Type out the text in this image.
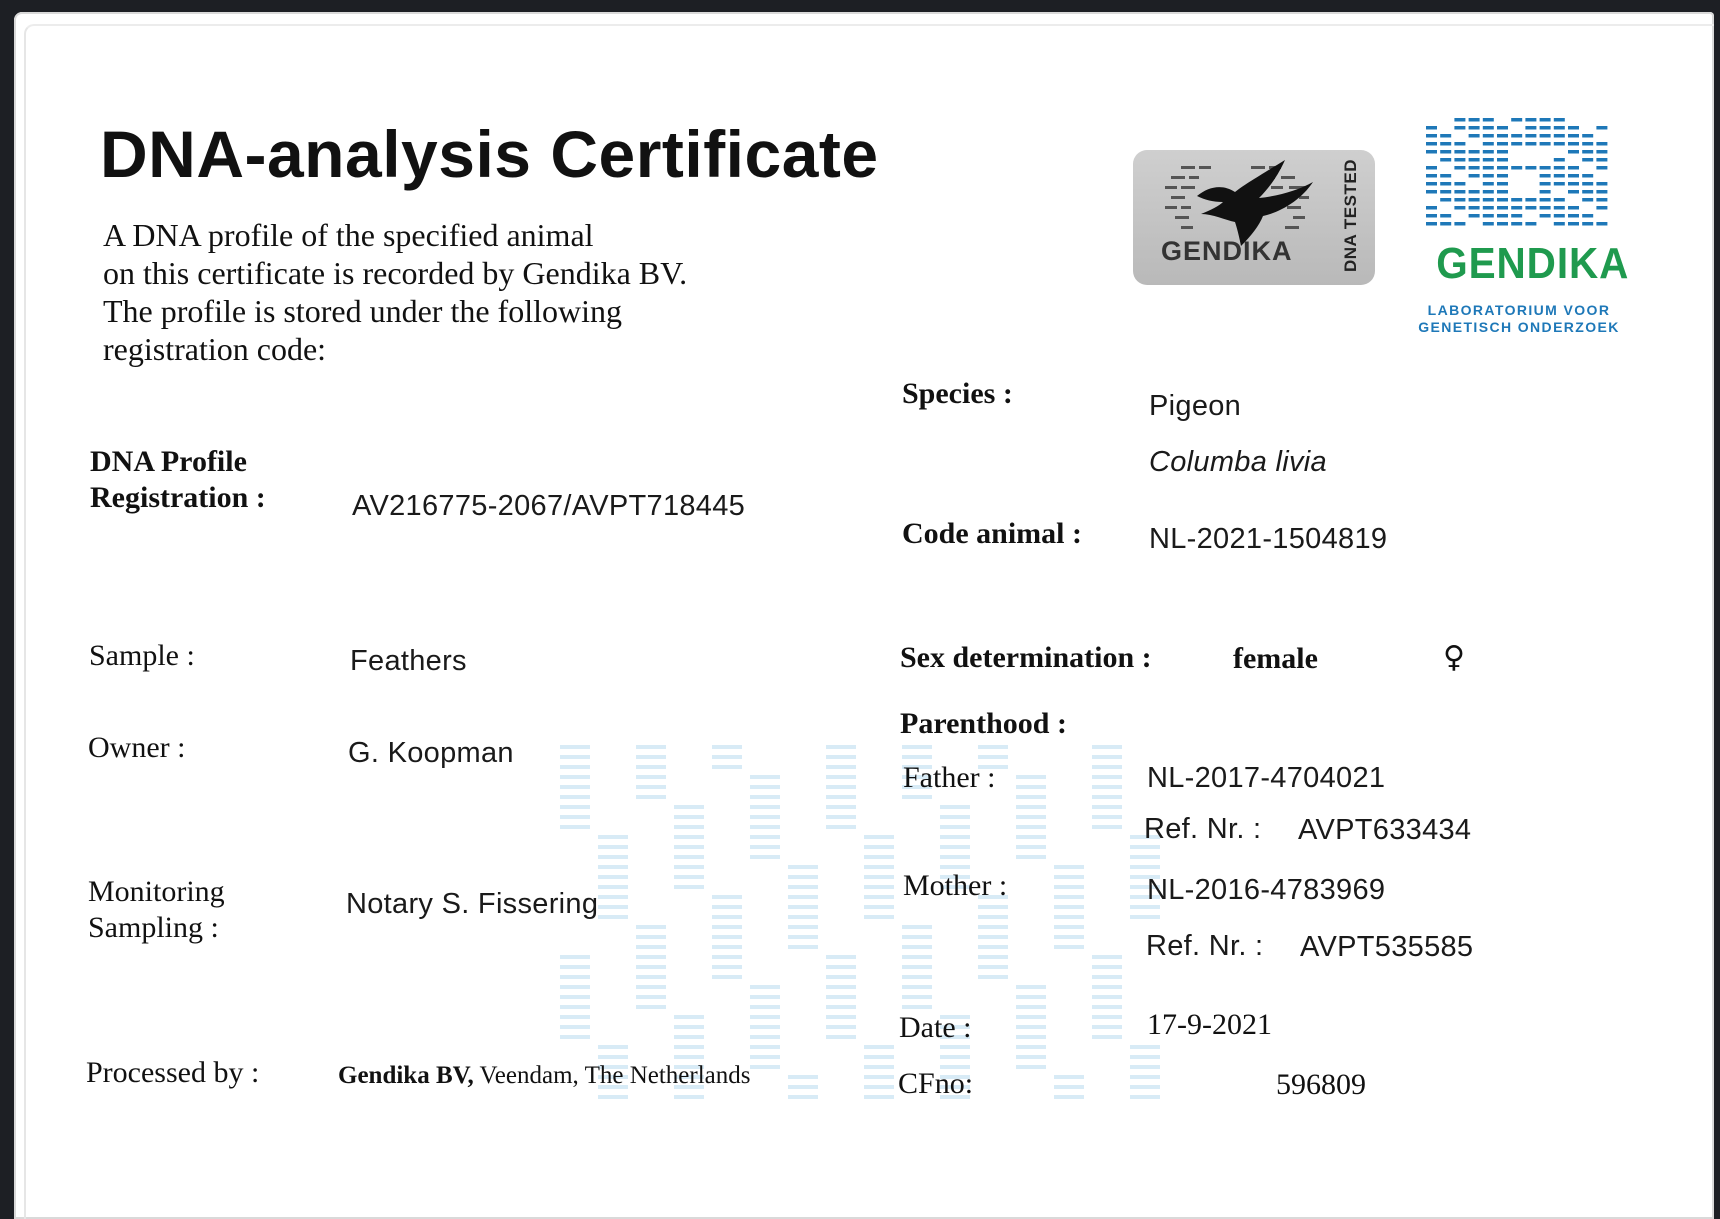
DNA-analysis Certificate
A DNA profile of the specified animal
on this certificate is recorded by Gendika BV.
The profile is stored under the following
registration code:
GENDIKA	DNA TESTED GENDIKA
LABORATORIUM VOOR
GENETISCH ONDERZOEK
DNA Profile
Registration :	AV216775-2067/AVPT718445
Sample :	Feathers
Owner :	G. Koopman
Monitoring
Sampling :
Notary S. Fissering
Processed by :	Gendika BV, Veendam, The Netherlands
Species :	Pigeon
Columba livia
Code animal : NL-2021-1504819
Sex determination :	female	♀
Parenthood :
Father :	NL-2017-4704021
Ref. Nr. : AVPT633434
Mother :	NL-2016-4783969
Ref. Nr. : AVPT535585
Date :	17-9-2021
CFno:	596809
